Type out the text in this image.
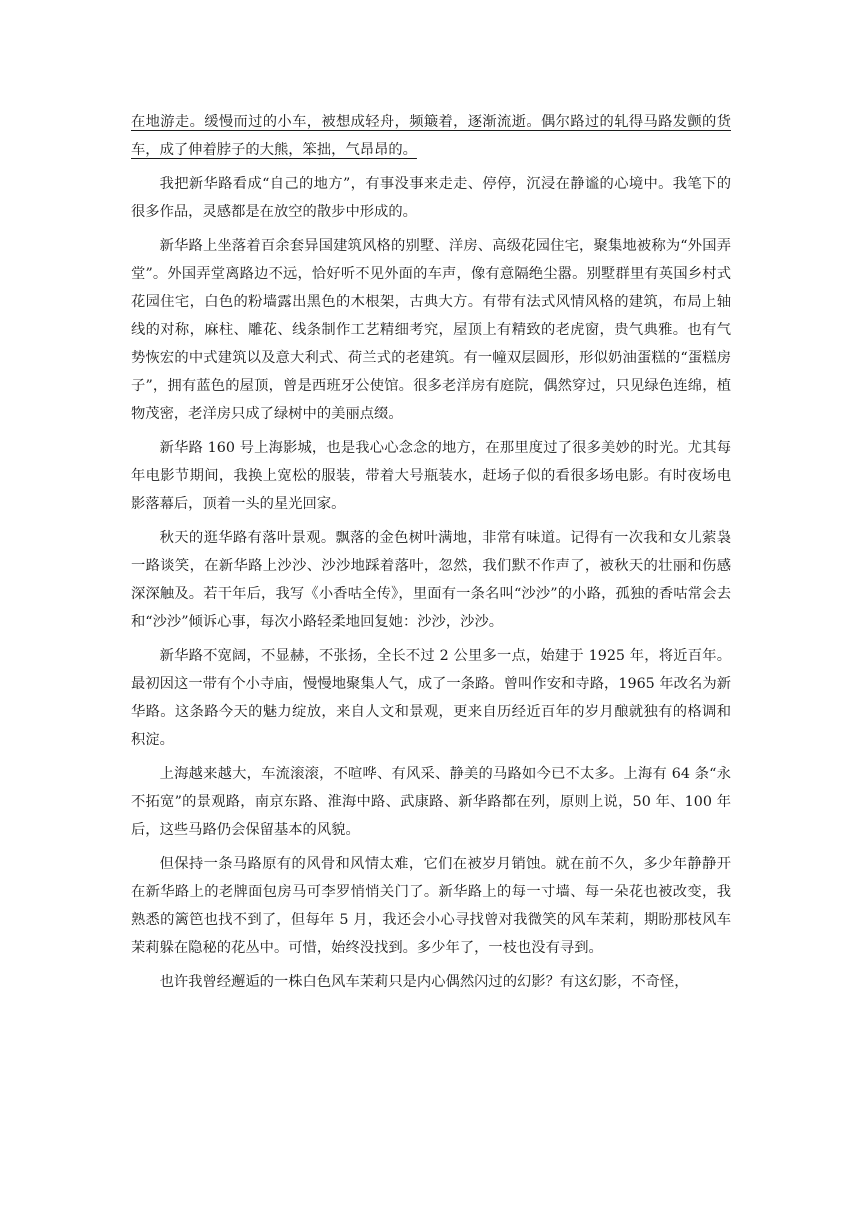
在地游走。缓慢而过的小车，被想成轻舟，频簸着，逐渐流逝。偶尔路过的轧得马路发颤的货车，成了伸着脖子的大熊，笨拙，气昂昂的。

我把新华路看成“自己的地方”，有事没事来走走、停停，沉浸在静谧的心境中。我笔下的很多作品，灵感都是在放空的散步中形成的。

新华路上坐落着百余套异国建筑风格的别墅、洋房、高级花园住宅，聚集地被称为“外国弄堂”。外国弄堂离路边不远，恰好听不见外面的车声，像有意隔绝尘嚣。别墅群里有英国乡村式花园住宅，白色的粉墙露出黑色的木根架，古典大方。有带有法式风情风格的建筑，布局上轴线的对称，麻柱、雕花、线条制作工艺精细考究，屋顶上有精致的老虎窗，贵气典雅。也有气势恢宏的中式建筑以及意大利式、荷兰式的老建筑。有一幢双层圆形，形似奶油蛋糕的“蛋糕房子”，拥有蓝色的屋顶，曾是西班牙公使馆。很多老洋房有庭院，偶然穿过，只见绿色连绵，植物茂密，老洋房只成了绿树中的美丽点缀。

新华路 160 号上海影城，也是我心心念念的地方，在那里度过了很多美妙的时光。尤其每年电影节期间，我换上宽松的服装，带着大号瓶装水，赶场子似的看很多场电影。有时夜场电影落幕后，顶着一头的星光回家。

秋天的逛华路有落叶景观。飘落的金色树叶满地，非常有味道。记得有一次我和女儿萦袅一路谈笑，在新华路上沙沙、沙沙地踩着落叶，忽然，我们默不作声了，被秋天的壮丽和伤感深深触及。若干年后，我写《小香咕全传》，里面有一条名叫“沙沙”的小路，孤独的香咕常会去和“沙沙”倾诉心事，每次小路轻柔地回复她：沙沙，沙沙。

新华路不宽阔，不显赫，不张扬，全长不过 2 公里多一点，始建于 1925 年，将近百年。最初因这一带有个小寺庙，慢慢地聚集人气，成了一条路。曾叫作安和寺路，1965 年改名为新华路。这条路今天的魅力绽放，来自人文和景观，更来自历经近百年的岁月酿就独有的格调和积淀。

上海越来越大，车流滚滚，不喧哗、有风采、静美的马路如今已不太多。上海有 64 条“永不拓宽”的景观路，南京东路、淮海中路、武康路、新华路都在列，原则上说，50 年、100 年后，这些马路仍会保留基本的风貌。

但保持一条马路原有的风骨和风情太难，它们在被岁月销蚀。就在前不久，多少年静静开在新华路上的老牌面包房马可李罗悄悄关门了。新华路上的每一寸墙、每一朵花也被改变，我熟悉的篱笆也找不到了，但每年 5 月，我还会小心寻找曾对我微笑的风车茉莉，期盼那枝风车茉莉躲在隐秘的花丛中。可惜，始终没找到。多少年了，一枝也没有寻到。

也许我曾经邂逅的一株白色风车茉莉只是内心偶然闪过的幻影？有这幻影，不奇怪，
